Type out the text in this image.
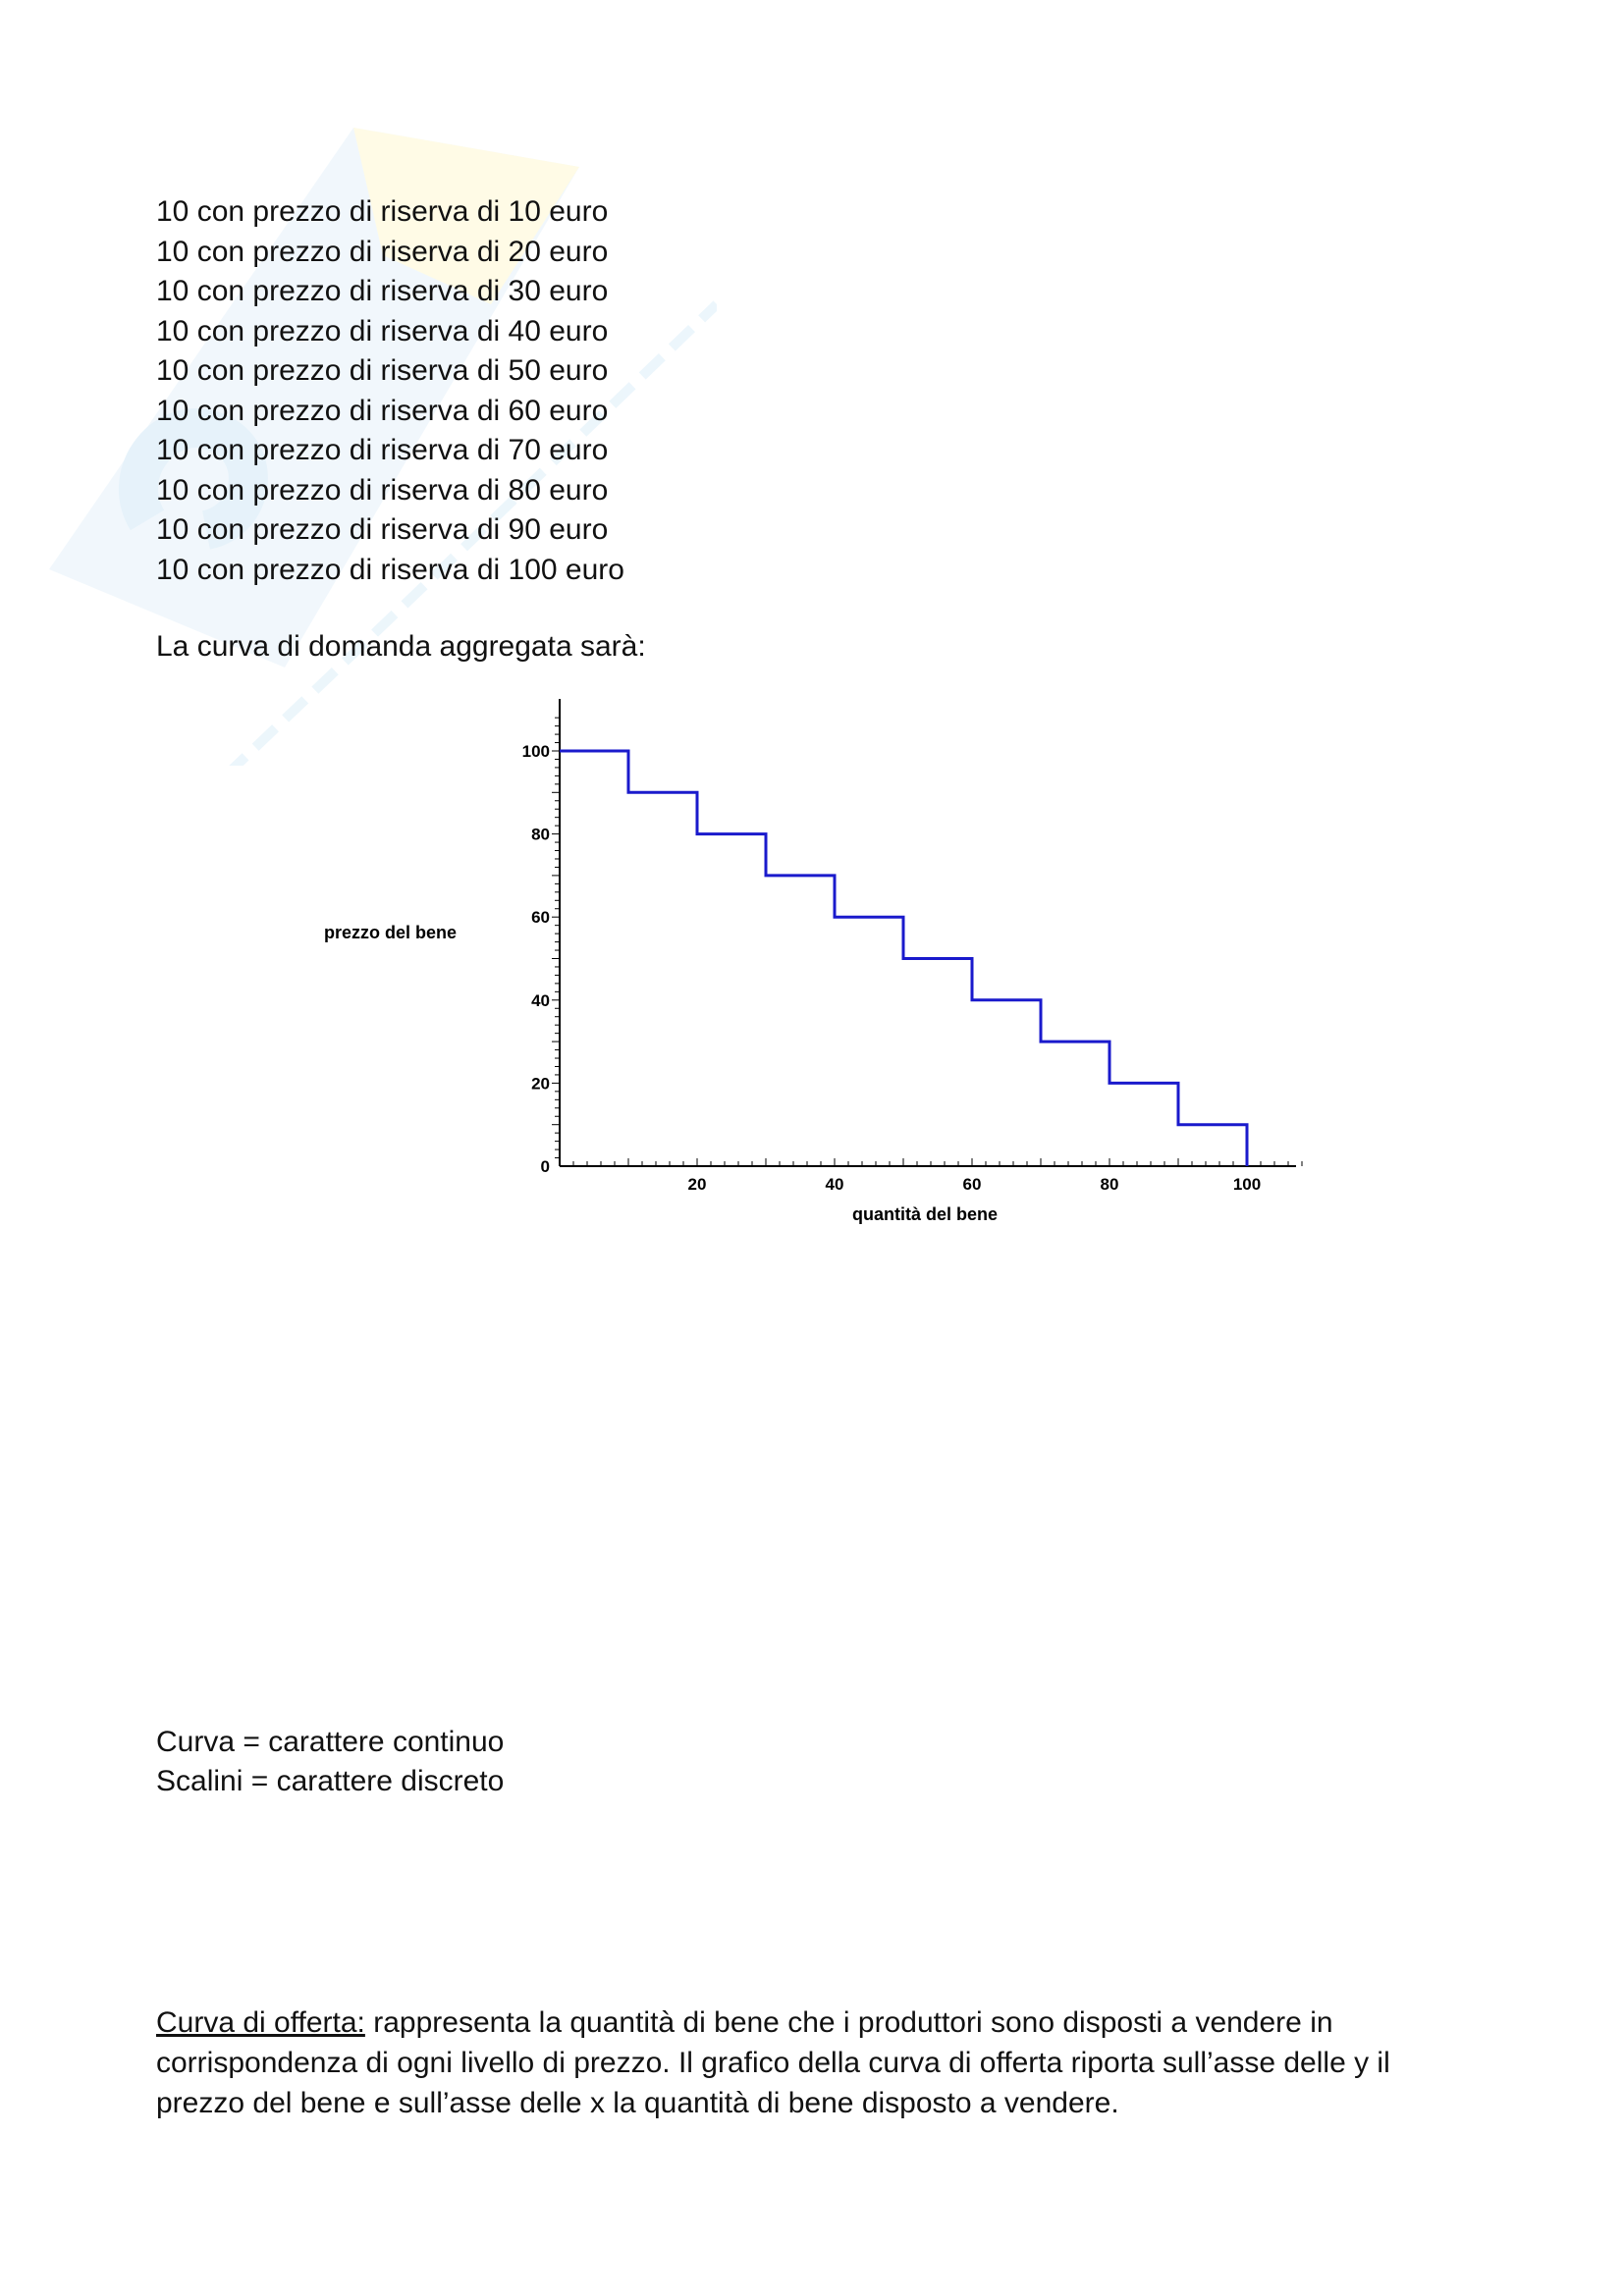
10 con prezzo di riserva di 10 euro
10 con prezzo di riserva di 20 euro
10 con prezzo di riserva di 30 euro
10 con prezzo di riserva di 40 euro
10 con prezzo di riserva di 50 euro
10 con prezzo di riserva di 60 euro
10 con prezzo di riserva di 70 euro
10 con prezzo di riserva di 80 euro
10 con prezzo di riserva di 90 euro
10 con prezzo di riserva di 100 euro

La curva di domanda aggregata sarà:

20	40	60	80	100
0
20
40
60
80
100
prezzo del bene
quantità del bene
Curva = carattere continuo
Scalini = carattere discreto

Curva di offerta: rappresenta la quantità di bene che i produttori sono disposti a vendere in corrispondenza di ogni livello di prezzo. Il grafico della curva di offerta riporta sull’asse delle y il prezzo del bene e sull’asse delle x la quantità di bene disposto a vendere.
